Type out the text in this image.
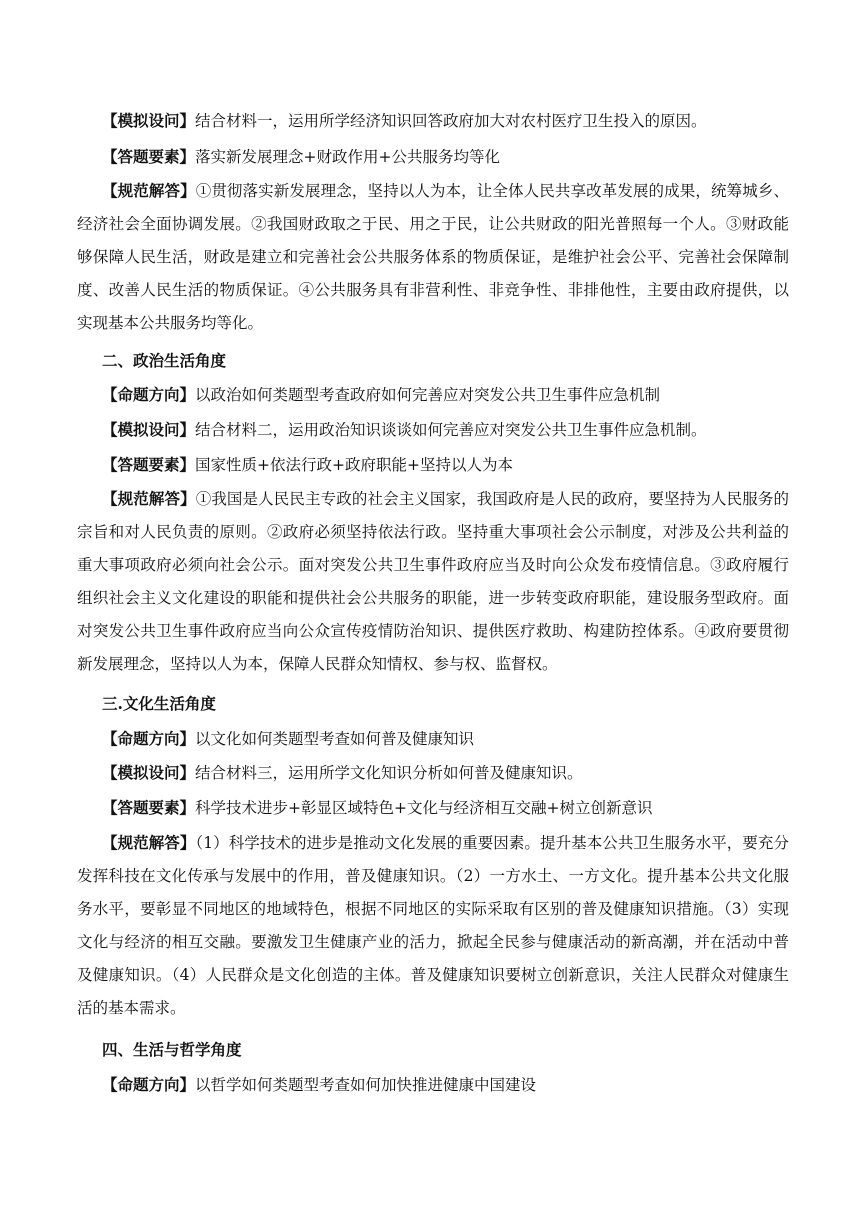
【模拟设问】结合材料一，运用所学经济知识回答政府加大对农村医疗卫生投入的原因。

【答题要素】落实新发展理念+财政作用+公共服务均等化

【规范解答】①贯彻落实新发展理念，坚持以人为本，让全体人民共享改革发展的成果，统筹城乡、经济社会全面协调发展。②我国财政取之于民、用之于民，让公共财政的阳光普照每一个人。③财政能够保障人民生活，财政是建立和完善社会公共服务体系的物质保证，是维护社会公平、完善社会保障制度、改善人民生活的物质保证。④公共服务具有非营利性、非竞争性、非排他性，主要由政府提供，以实现基本公共服务均等化。

二、政治生活角度

【命题方向】以政治如何类题型考查政府如何完善应对突发公共卫生事件应急机制

【模拟设问】结合材料二，运用政治知识谈谈如何完善应对突发公共卫生事件应急机制。

【答题要素】国家性质+依法行政+政府职能+坚持以人为本

【规范解答】①我国是人民民主专政的社会主义国家，我国政府是人民的政府，要坚持为人民服务的宗旨和对人民负责的原则。②政府必须坚持依法行政。坚持重大事项社会公示制度，对涉及公共利益的重大事项政府必须向社会公示。面对突发公共卫生事件政府应当及时向公众发布疫情信息。③政府履行组织社会主义文化建设的职能和提供社会公共服务的职能，进一步转变政府职能，建设服务型政府。面对突发公共卫生事件政府应当向公众宣传疫情防治知识、提供医疗救助、构建防控体系。④政府要贯彻新发展理念，坚持以人为本，保障人民群众知情权、参与权、监督权。

三.文化生活角度

【命题方向】以文化如何类题型考查如何普及健康知识

【模拟设问】结合材料三，运用所学文化知识分析如何普及健康知识。

【答题要素】科学技术进步+彰显区域特色+文化与经济相互交融+树立创新意识

【规范解答】（1）科学技术的进步是推动文化发展的重要因素。提升基本公共卫生服务水平，要充分发挥科技在文化传承与发展中的作用，普及健康知识。（2）一方水土、一方文化。提升基本公共文化服务水平，要彰显不同地区的地域特色，根据不同地区的实际采取有区别的普及健康知识措施。（3）实现文化与经济的相互交融。要激发卫生健康产业的活力，掀起全民参与健康活动的新高潮，并在活动中普及健康知识。（4）人民群众是文化创造的主体。普及健康知识要树立创新意识，关注人民群众对健康生活的基本需求。

四、生活与哲学角度

【命题方向】以哲学如何类题型考查如何加快推进健康中国建设
